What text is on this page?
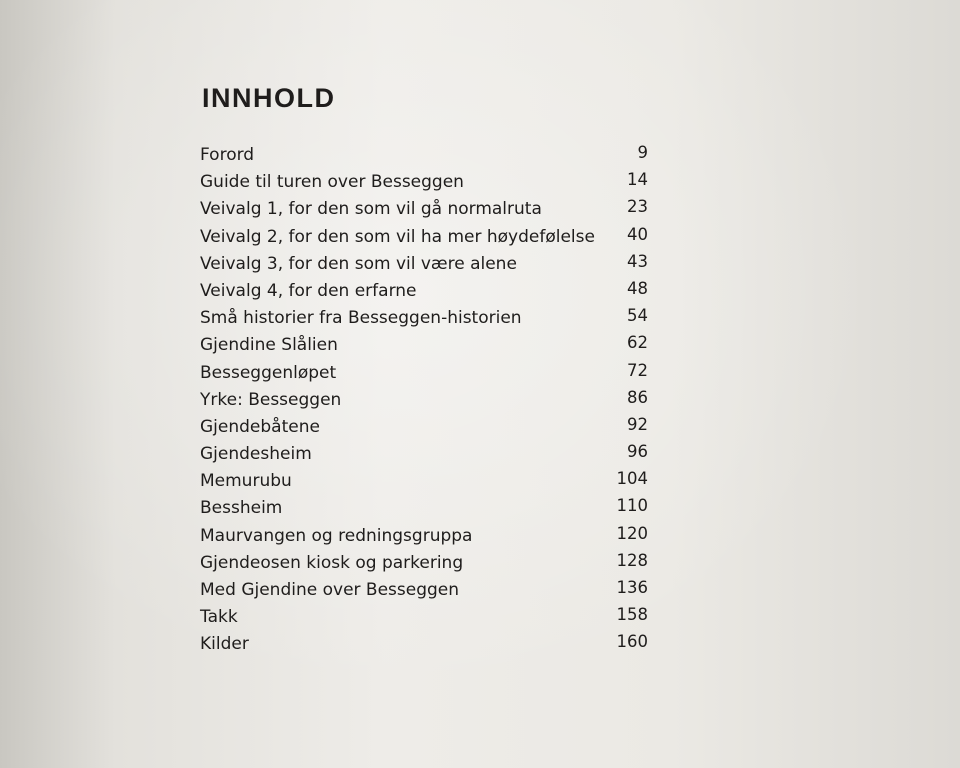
INNHOLD
Forord	9
Guide til turen over Besseggen	14
Veivalg 1, for den som vil gå normalruta	23
Veivalg 2, for den som vil ha mer høydefølelse 40
Veivalg 3, for den som vil være alene	43
Veivalg 4, for den erfarne	48
Små historier fra Besseggen-historien	54
Gjendine Slålien	62
Besseggenløpet	72
Yrke: Besseggen	86
Gjendebåtene	92
Gjendesheim	96
Memurubu	104
Bessheim	110
Maurvangen og redningsgruppa	120
Gjendeosen kiosk og parkering	128
Med Gjendine over Besseggen	136
Takk	158
Kilder	160
